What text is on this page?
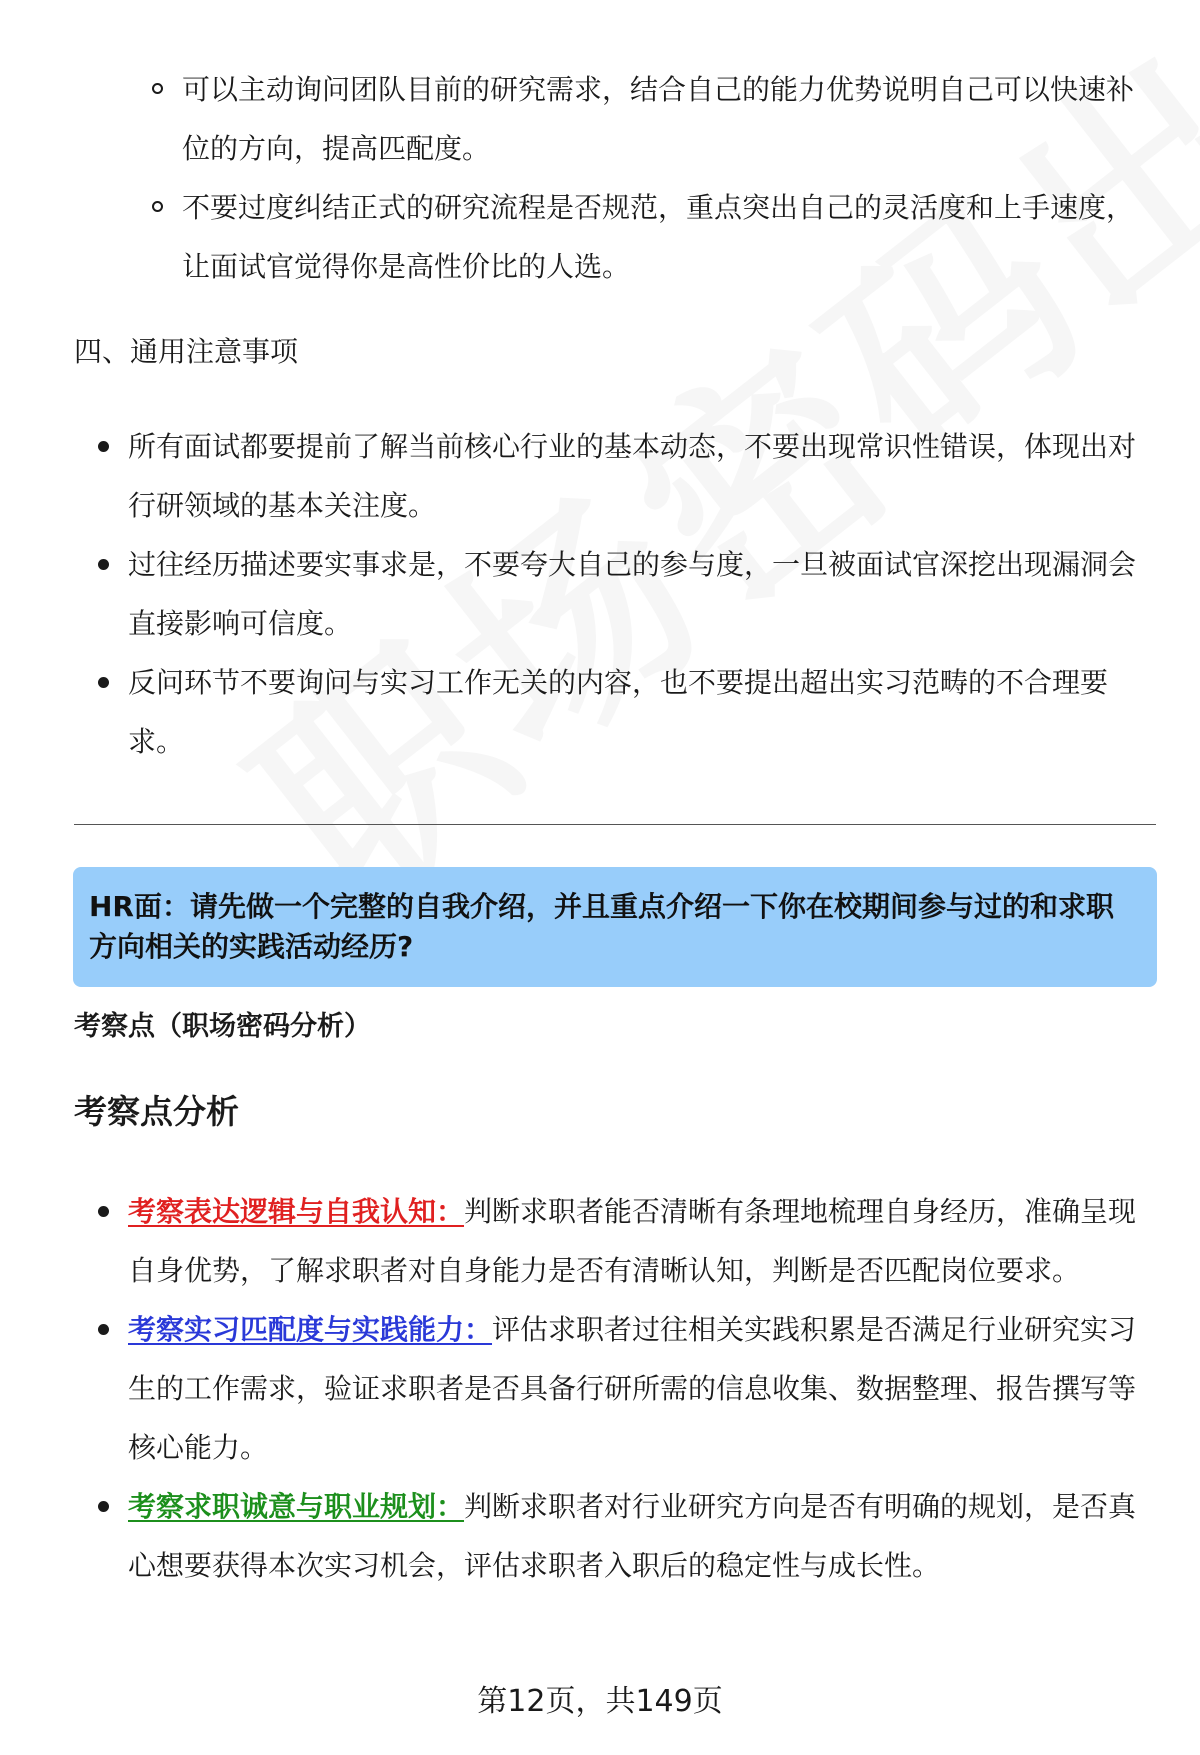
可以主动询问团队目前的研究需求，结合自己的能力优势说明自己可以快速补位的方向，提高匹配度。
不要过度纠结正式的研究流程是否规范，重点突出自己的灵活度和上手速度，让面试官觉得你是高性价比的人选。
四、通用注意事项
所有面试都要提前了解当前核心行业的基本动态，不要出现常识性错误，体现出对行研领域的基本关注度。
过往经历描述要实事求是，不要夸大自己的参与度，一旦被面试官深挖出现漏洞会直接影响可信度。
反问环节不要询问与实习工作无关的内容，也不要提出超出实习范畴的不合理要求。
HR面：请先做一个完整的自我介绍，并且重点介绍一下你在校期间参与过的和求职方向相关的实践活动经历?
考察点（职场密码分析）
考察点分析
考察表达逻辑与自我认知：判断求职者能否清晰有条理地梳理自身经历，准确呈现自身优势，了解求职者对自身能力是否有清晰认知，判断是否匹配岗位要求。
考察实习匹配度与实践能力：评估求职者过往相关实践积累是否满足行业研究实习生的工作需求，验证求职者是否具备行研所需的信息收集、数据整理、报告撰写等核心能力。
考察求职诚意与职业规划：判断求职者对行业研究方向是否有明确的规划，是否真心想要获得本次实习机会，评估求职者入职后的稳定性与成长性。
第12页，共149页
